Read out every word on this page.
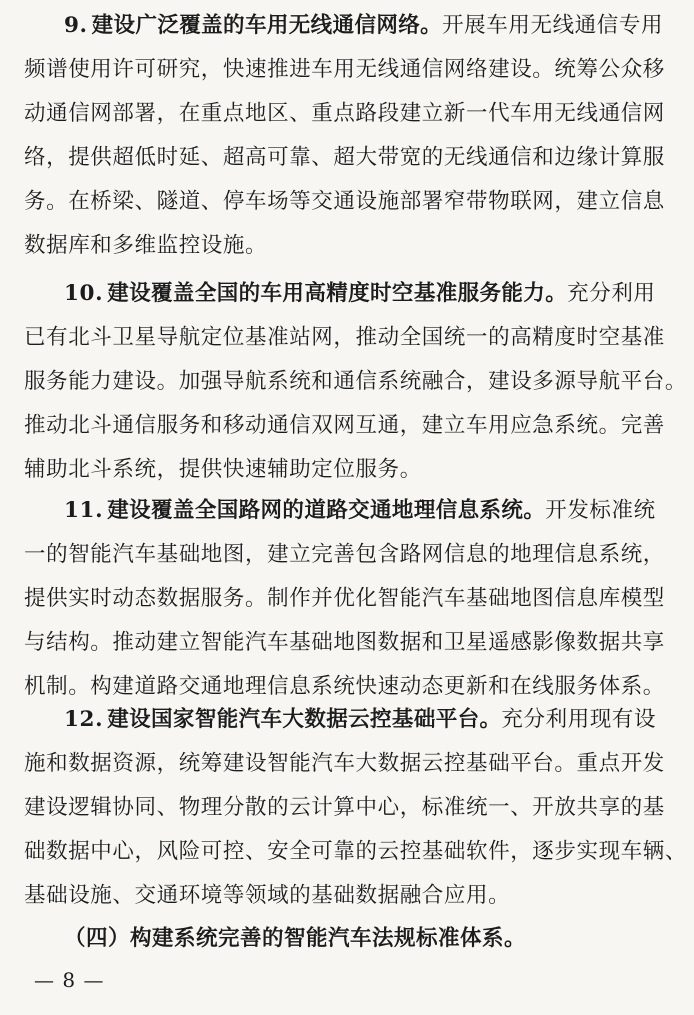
9. 建设广泛覆盖的车用无线通信网络。开展车用无线通信专用
频谱使用许可研究，快速推进车用无线通信网络建设。统筹公众移
动通信网部署，在重点地区、重点路段建立新一代车用无线通信网
络，提供超低时延、超高可靠、超大带宽的无线通信和边缘计算服
务。在桥梁、隧道、停车场等交通设施部署窄带物联网，建立信息
数据库和多维监控设施。
10. 建设覆盖全国的车用高精度时空基准服务能力。充分利用
已有北斗卫星导航定位基准站网，推动全国统一的高精度时空基准
服务能力建设。加强导航系统和通信系统融合，建设多源导航平台。
推动北斗通信服务和移动通信双网互通，建立车用应急系统。完善
辅助北斗系统，提供快速辅助定位服务。
11. 建设覆盖全国路网的道路交通地理信息系统。开发标准统
一的智能汽车基础地图，建立完善包含路网信息的地理信息系统，
提供实时动态数据服务。制作并优化智能汽车基础地图信息库模型
与结构。推动建立智能汽车基础地图数据和卫星遥感影像数据共享
机制。构建道路交通地理信息系统快速动态更新和在线服务体系。
12. 建设国家智能汽车大数据云控基础平台。充分利用现有设
施和数据资源，统筹建设智能汽车大数据云控基础平台。重点开发
建设逻辑协同、物理分散的云计算中心，标准统一、开放共享的基
础数据中心，风险可控、安全可靠的云控基础软件，逐步实现车辆、
基础设施、交通环境等领域的基础数据融合应用。
（四）构建系统完善的智能汽车法规标准体系。
— 8 —
